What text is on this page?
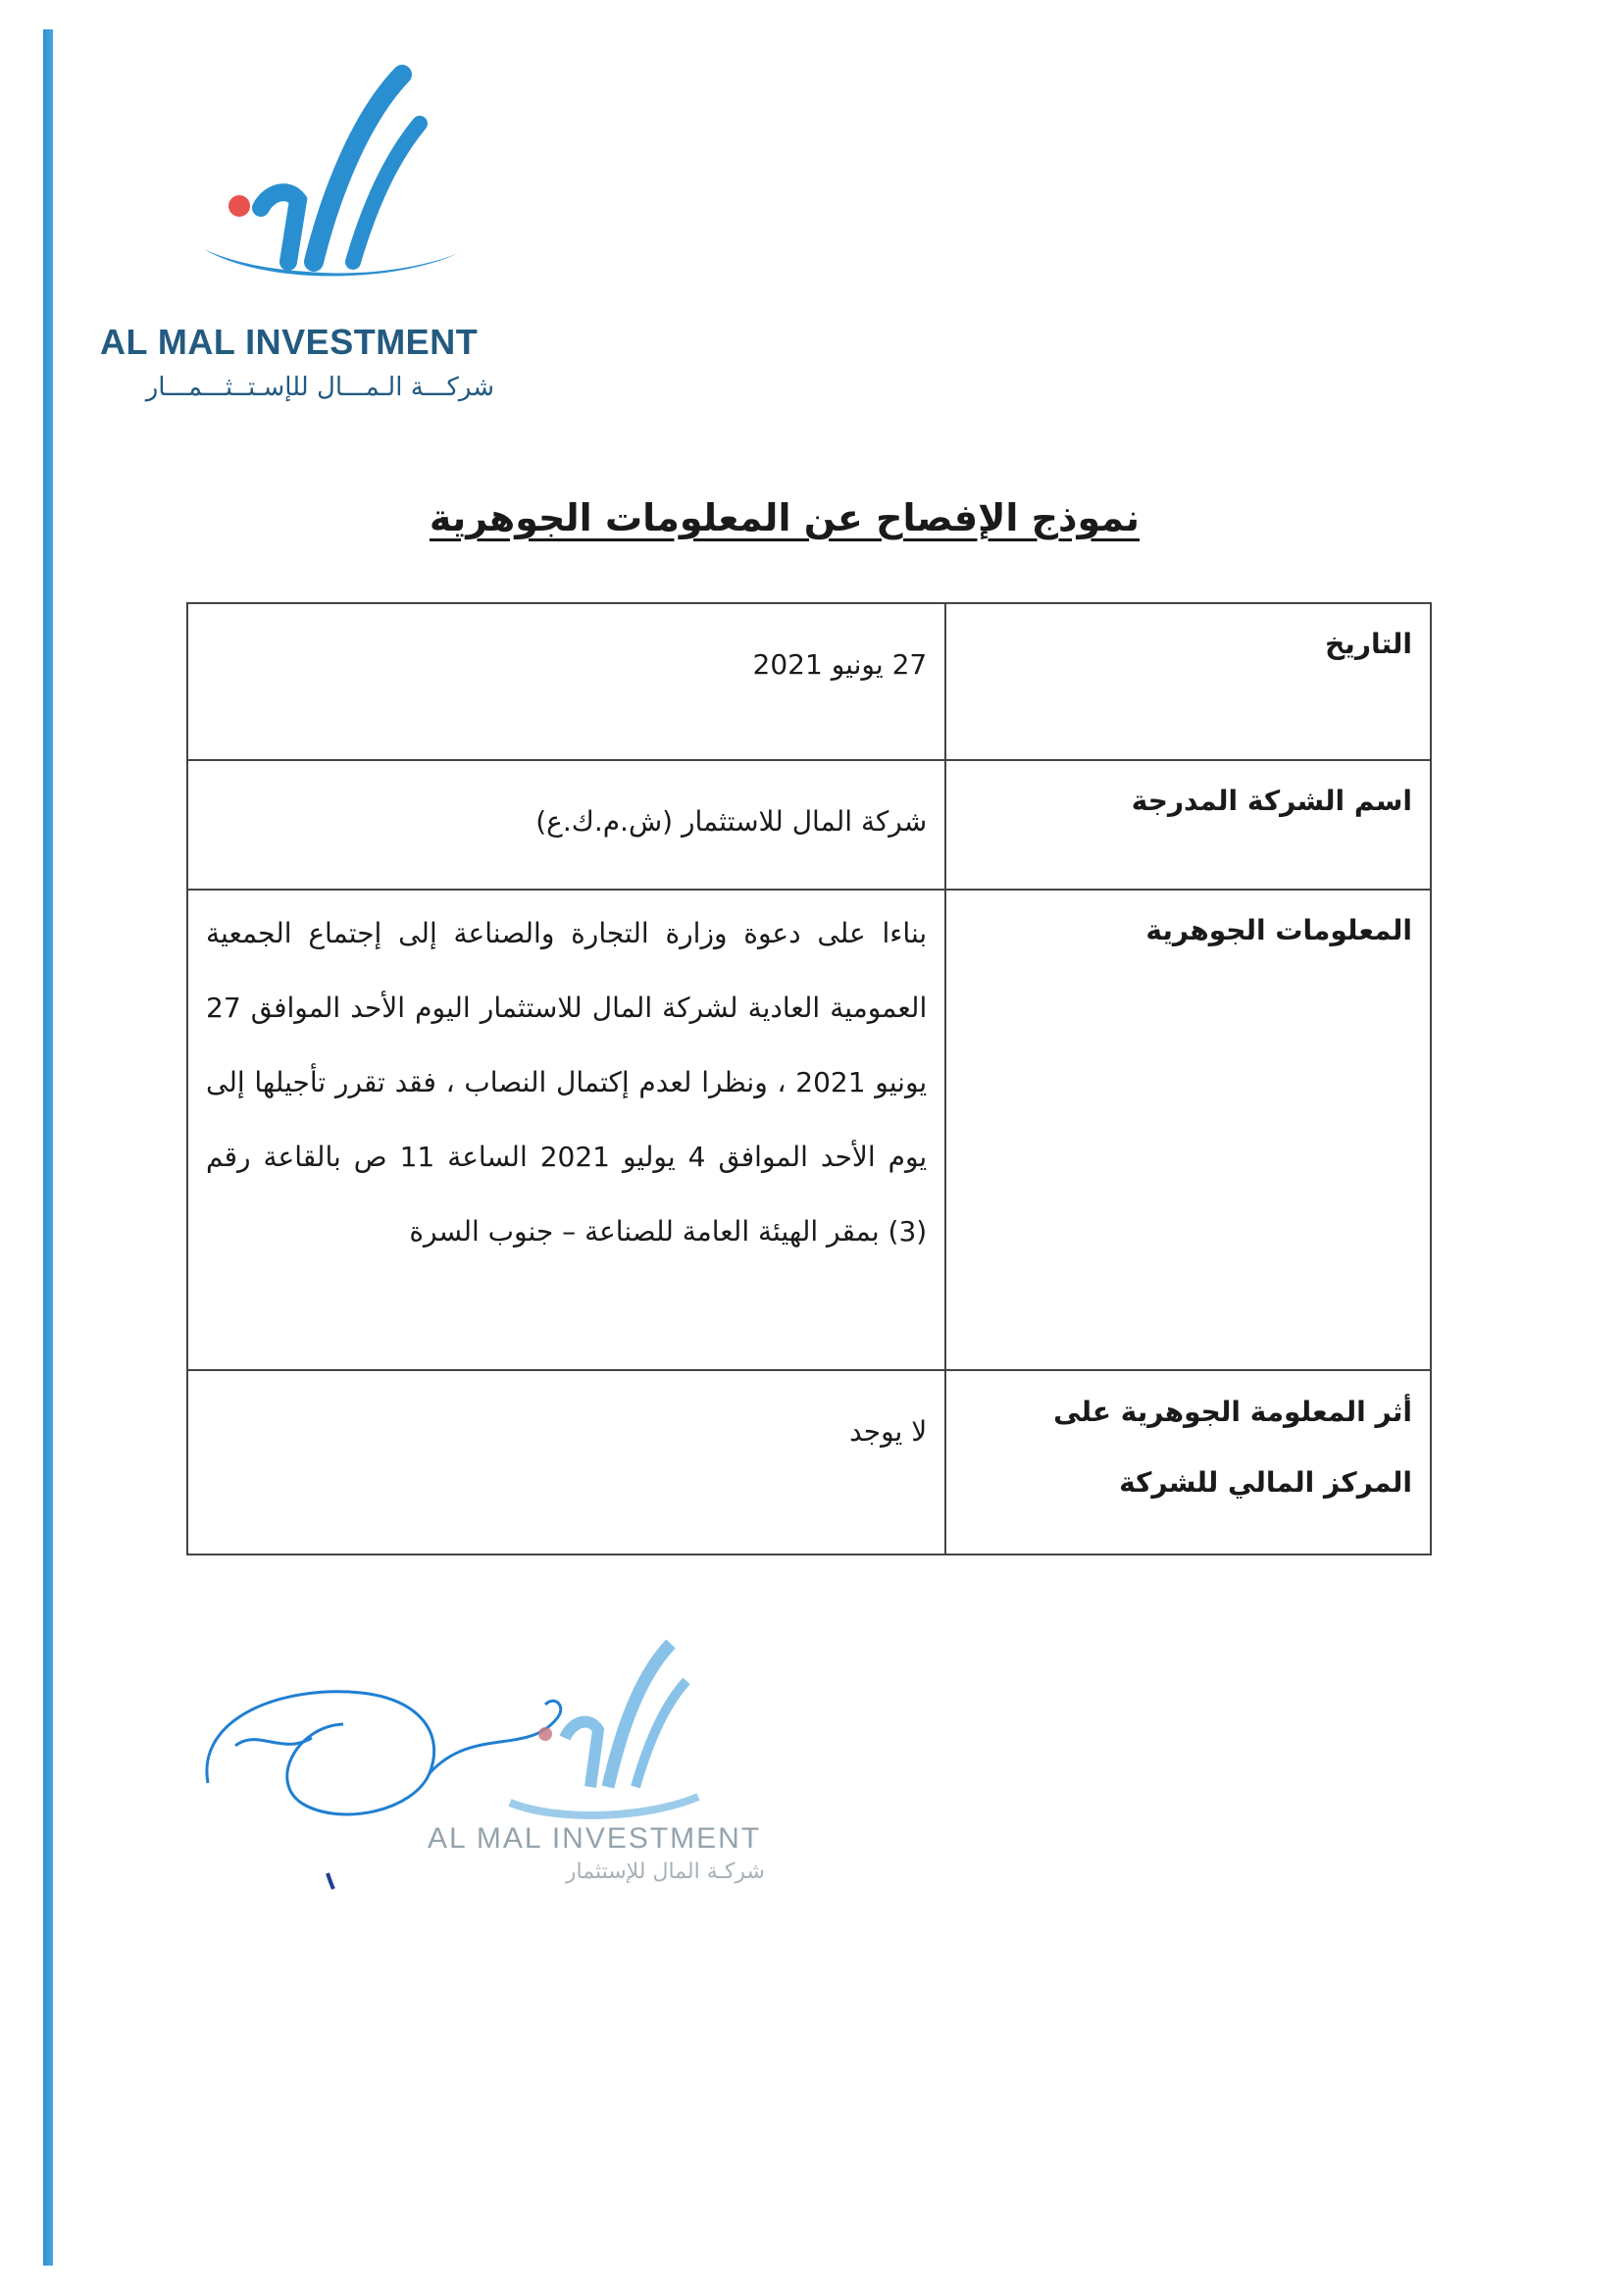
AL MAL INVESTMENT
شركـــة الـمـــال للإسـتــثـــمـــار
نموذج الإفصاح عن المعلومات الجوهرية
التاريخ	27 يونيو 2021
اسم الشركة المدرجة	شركة المال للاستثمار (ش.م.ك.ع)
المعلومات الجوهرية	بناءا على دعوة وزارة التجارة والصناعة إلى إجتماع الجمعية العمومية العادية لشركة المال للاستثمار اليوم الأحد الموافق 27 يونيو 2021 ، ونظرا لعدم إكتمال النصاب ، فقد تقرر تأجيلها إلى يوم الأحد الموافق 4 يوليو 2021 الساعة 11 ص بالقاعة رقم (3) بمقر الهيئة العامة للصناعة – جنوب السرة
أثر المعلومة الجوهرية على المركز المالي للشركة	لا يوجد
AL MAL INVESTMENT
شركـة المال للإستثمار
